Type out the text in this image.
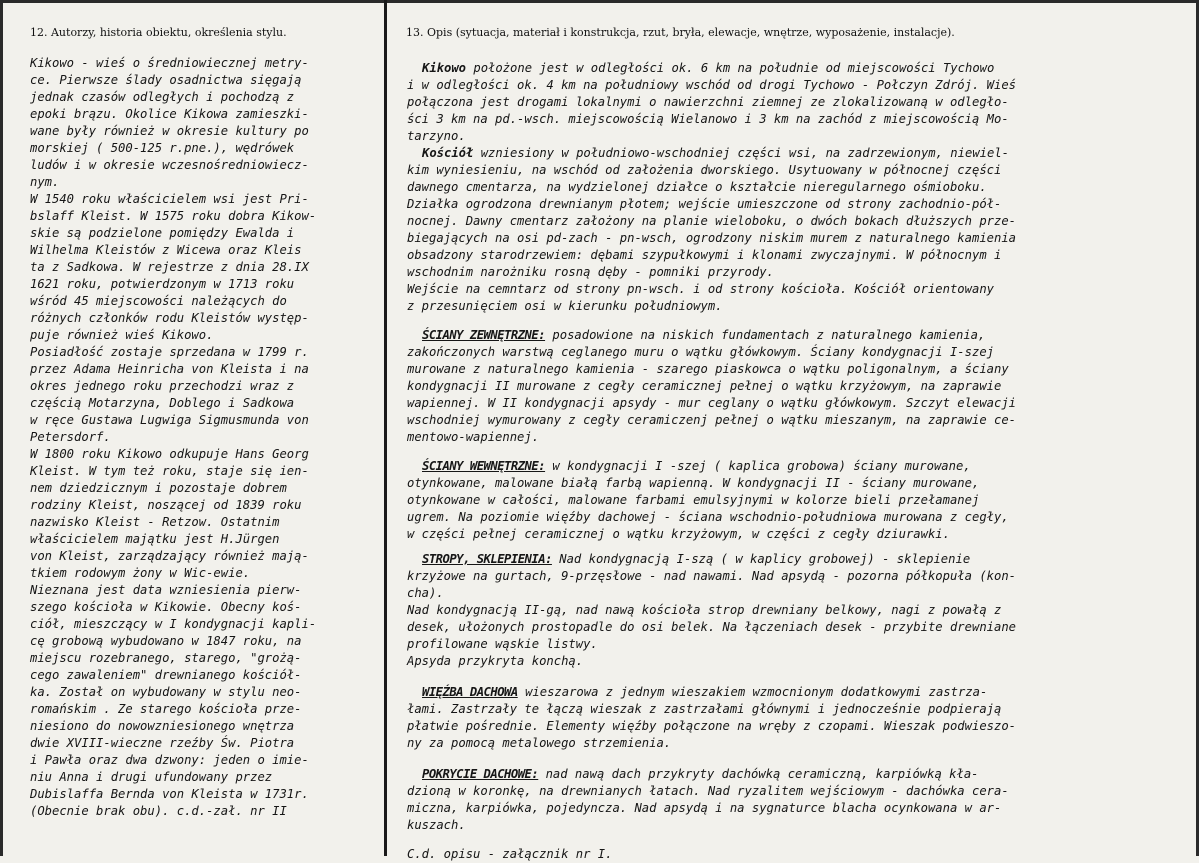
12. Autorzy, historia obiektu, określenia stylu.	13. Opis (sytuacja, materiał i konstrukcja, rzut, bryła, elewacje, wnętrze, wyposażenie, instalacje).
Kikowo - wieś o średniowiecznej metry-
ce. Pierwsze ślady osadnictwa sięgają
jednak czasów odległych i pochodzą z
epoki brązu. Okolice Kikowa zamieszki-
wane były również w okresie kultury po
morskiej ( 500-125 r.pne.), wędrówek
ludów i w okresie wczesnośredniowiecz-
nym.
W 1540 roku właścicielem wsi jest Pri-
bslaff Kleist. W 1575 roku dobra Kikow-
skie są podzielone pomiędzy Ewalda i
Wilhelma Kleistów z Wicewa oraz Kleis
ta z Sadkowa. W rejestrze z dnia 28.IX
1621 roku, potwierdzonym w 1713 roku
wśród 45 miejscowości należących do
różnych członków rodu Kleistów występ-
puje również wieś Kikowo.
Posiadłość zostaje sprzedana w 1799 r.
przez Adama Heinricha von Kleista i na
okres jednego roku przechodzi wraz z
częścią Motarzyna, Doblego i Sadkowa
w ręce Gustawa Lugwiga Sigmusmunda von
Petersdorf.
W 1800 roku Kikowo odkupuje Hans Georg
Kleist. W tym też roku, staje się ien-
nem dziedzicznym i pozostaje dobrem
rodziny Kleist, noszącej od 1839 roku
nazwisko Kleist - Retzow. Ostatnim
właścicielem majątku jest H.Jürgen
von Kleist, zarządzający również mają-
tkiem rodowym żony w Wic-ewie.
Nieznana jest data wzniesienia pierw-
szego kościoła w Kikowie. Obecny koś-
ciół, mieszczący w I kondygnacji kapli-
cę grobową wybudowano w 1847 roku, na
miejscu rozebranego, starego, "grożą-
cego zawaleniem" drewnianego kościół-
ka. Został on wybudowany w stylu neo-
romańskim . Ze starego kościoła prze-
niesiono do nowowzniesionego wnętrza
dwie XVIII-wieczne rzeźby Św. Piotra
i Pawła oraz dwa dzwony: jeden o imie-
niu Anna i drugi ufundowany przez
Dubislaffa Bernda von Kleista w 1731r.
(Obecnie brak obu). c.d.-zał. nr II
Kikowo położone jest w odległości ok. 6 km na południe od miejscowości Tychowo
i w odległości ok. 4 km na południowy wschód od drogi Tychowo - Połczyn Zdrój. Wieś
połączona jest drogami lokalnymi o nawierzchni ziemnej ze zlokalizowaną w odległo-
ści 3 km na pd.-wsch. miejscowością Wielanowo i 3 km na zachód z miejscowością Mo-
tarzyno.
Kościół wzniesiony w południowo-wschodniej części wsi, na zadrzewionym, niewiel-
kim wyniesieniu, na wschód od założenia dworskiego. Usytuowany w północnej części
dawnego cmentarza, na wydzielonej działce o kształcie nieregularnego ośmioboku.
Działka ogrodzona drewnianym płotem; wejście umieszczone od strony zachodnio-pół-
nocnej. Dawny cmentarz założony na planie wieloboku, o dwóch bokach dłuższych prze-
biegających na osi pd-zach - pn-wsch, ogrodzony niskim murem z naturalnego kamienia
obsadzony starodrzewiem: dębami szypułkowymi i klonami zwyczajnymi. W północnym i
wschodnim narożniku rosną dęby - pomniki przyrody.
Wejście na cemntarz od strony pn-wsch. i od strony kościoła. Kościół orientowany
z przesunięciem osi w kierunku południowym.
ŚCIANY ZEWNĘTRZNE: posadowione na niskich fundamentach z naturalnego kamienia,
zakończonych warstwą ceglanego muru o wątku główkowym. Ściany kondygnacji I-szej
murowane z naturalnego kamienia - szarego piaskowca o wątku poligonalnym, a ściany
kondygnacji II murowane z cegły ceramicznej pełnej o wątku krzyżowym, na zaprawie
wapiennej. W II kondygnacji apsydy - mur ceglany o wątku główkowym. Szczyt elewacji
wschodniej wymurowany z cegły ceramiczenj pełnej o wątku mieszanym, na zaprawie ce-
mentowo-wapiennej.
ŚCIANY WEWNĘTRZNE: w kondygnacji I -szej ( kaplica grobowa) ściany murowane,
otynkowane, malowane białą farbą wapienną. W kondygnacji II - ściany murowane,
otynkowane w całości, malowane farbami emulsyjnymi w kolorze bieli przełamanej
ugrem. Na poziomie więźby dachowej - ściana wschodnio-południowa murowana z cegły,
w części pełnej ceramicznej o wątku krzyżowym, w części z cegły dziurawki.
STROPY, SKLEPIENIA: Nad kondygnacją I-szą ( w kaplicy grobowej) - sklepienie
krzyżowe na gurtach, 9-przęsłowe - nad nawami. Nad apsydą - pozorna półkopuła (kon-
cha).
Nad kondygnacją II-gą, nad nawą kościoła strop drewniany belkowy, nagi z powałą z
desek, ułożonych prostopadle do osi belek. Na łączeniach desek - przybite drewniane
profilowane wąskie listwy.
Apsyda przykryta konchą.
WIĘŹBA DACHOWA wieszarowa z jednym wieszakiem wzmocnionym dodatkowymi zastrza-
łami. Zastrzały te łączą wieszak z zastrzałami głównymi i jednocześnie podpierają
płatwie pośrednie. Elementy więźby połączone na wręby z czopami. Wieszak podwieszo-
ny za pomocą metalowego strzemienia.
POKRYCIE DACHOWE: nad nawą dach przykryty dachówką ceramiczną, karpiówką kła-
dzioną w koronkę, na drewnianych łatach. Nad ryzalitem wejściowym - dachówka cera-
miczna, karpiówka, pojedyncza. Nad apsydą i na sygnaturce blacha ocynkowana w ar-
kuszach.
C.d. opisu - załącznik nr I.
